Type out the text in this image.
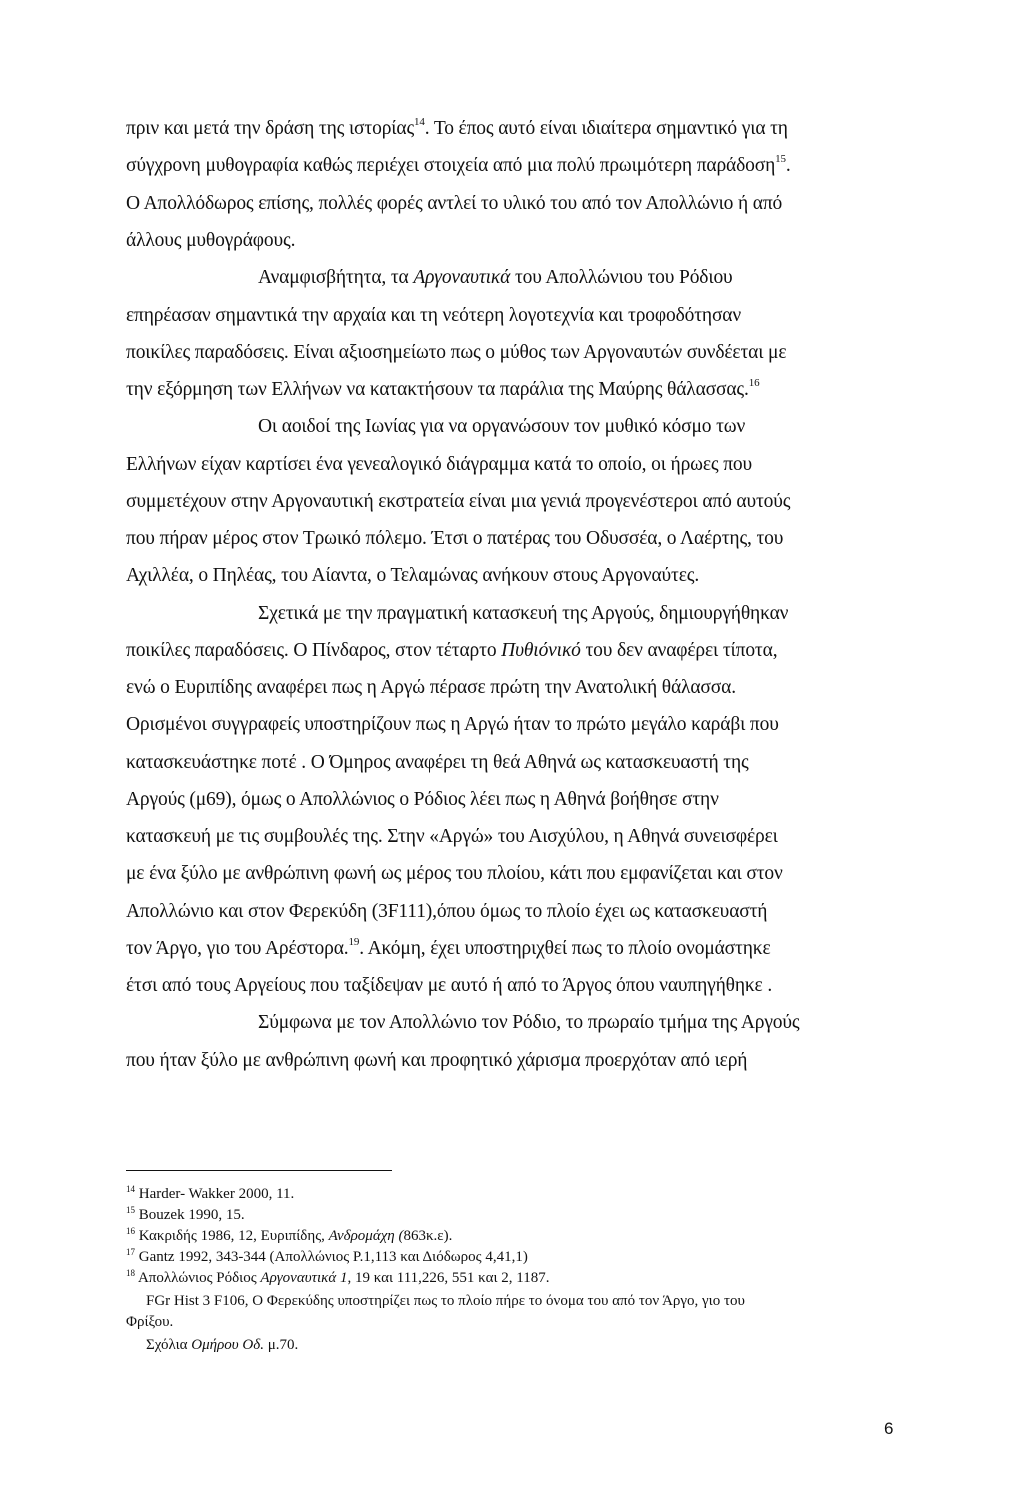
πριν και μετά την δράση της ιστορίας$^{14}$. Το έπος αυτό είναι ιδιαίτερα σημαντικό για τη
σύγχρονη μυθογραφία καθώς περιέχει στοιχεία από μια πολύ πρωιμότερη παράδοση$^{15}$.
Ο Απολλόδωρος επίσης, πολλές φορές αντλεί το υλικό του από τον Απολλώνιο ή από
άλλους μυθογράφους.
Αναμφισβήτητα, τα Αργοναυτικά του Απολλώνιου του Ρόδιου
επηρέασαν σημαντικά την αρχαία και τη νεότερη λογοτεχνία και τροφοδότησαν
ποικίλες παραδόσεις. Είναι αξιοσημείωτο πως ο μύθος των Αργοναυτών συνδέεται με
την εξόρμηση των Ελλήνων να κατακτήσουν τα παράλια της Μαύρης θάλασσας.$^{16}$
Οι αοιδοί της Ιωνίας για να οργανώσουν τον μυθικό κόσμο των
Ελλήνων είχαν καρτίσει ένα γενεαλογικό διάγραμμα κατά το οποίο, οι ήρωες που
συμμετέχουν στην Αργοναυτική εκστρατεία είναι μια γενιά προγενέστεροι από αυτούς
που πήραν μέρος στον Τρωικό πόλεμο. Έτσι ο πατέρας του Οδυσσέα, ο Λαέρτης, του
Αχιλλέα, ο Πηλέας, του Αίαντα, ο Τελαμώνας ανήκουν στους Αργοναύτες.
Σχετικά με την πραγματική κατασκευή της Αργούς, δημιουργήθηκαν
ποικίλες παραδόσεις. Ο Πίνδαρος, στον τέταρτο Πυθιόνικό του δεν αναφέρει τίποτα,
ενώ ο Ευριπίδης αναφέρει πως η Αργώ πέρασε πρώτη την Ανατολική θάλασσα.
Ορισμένοι συγγραφείς υποστηρίζουν πως η Αργώ ήταν το πρώτο μεγάλο καράβι που
κατασκευάστηκε ποτέ . Ο Όμηρος αναφέρει τη θεά Αθηνά ως κατασκευαστή της
Αργούς (μ69), όμως ο Απολλώνιος ο Ρόδιος λέει πως η Αθηνά βοήθησε στην
κατασκευή με τις συμβουλές της. Στην «Αργώ» του Αισχύλου, η Αθηνά συνεισφέρει
με ένα ξύλο με ανθρώπινη φωνή ως μέρος του πλοίου, κάτι που εμφανίζεται και στον
Απολλώνιο και στον Φερεκύδη (3F111),όπου όμως το πλοίο έχει ως κατασκευαστή
τον Άργο, γιο του Αρέστορα.$^{19}$. Ακόμη, έχει υποστηριχθεί πως το πλοίο ονομάστηκε
έτσι από τους Αργείους που ταξίδεψαν με αυτό ή από το Άργος όπου ναυπηγήθηκε .
Σύμφωνα με τον Απολλώνιο τον Ρόδιο, το πρωραίο τμήμα της Αργούς
που ήταν ξύλο με ανθρώπινη φωνή και προφητικό χάρισμα προερχόταν από ιερή
$^{14}$ Harder- Wakker 2000, 11.
$^{15}$ Bouzek 1990, 15.
$^{16}$ Κακριδής 1986, 12, Ευριπίδης, Ανδρομάχη (863κ.ε).
$^{17}$ Gantz 1992, 343-344 (Απολλώνιος Ρ.1,113 και Διόδωρος 4,41,1)
$^{18}$ Απολλώνιος Ρόδιος Αργοναυτικά 1, 19 και 111,226, 551 και 2, 1187.
FGr Hist 3 F106, Ο Φερεκύδης υποστηρίζει πως το πλοίο πήρε το όνομα του από τον Άργο, γιο του
Φρίξου.
Σχόλια Ομήρου Οδ. μ.70.
6
